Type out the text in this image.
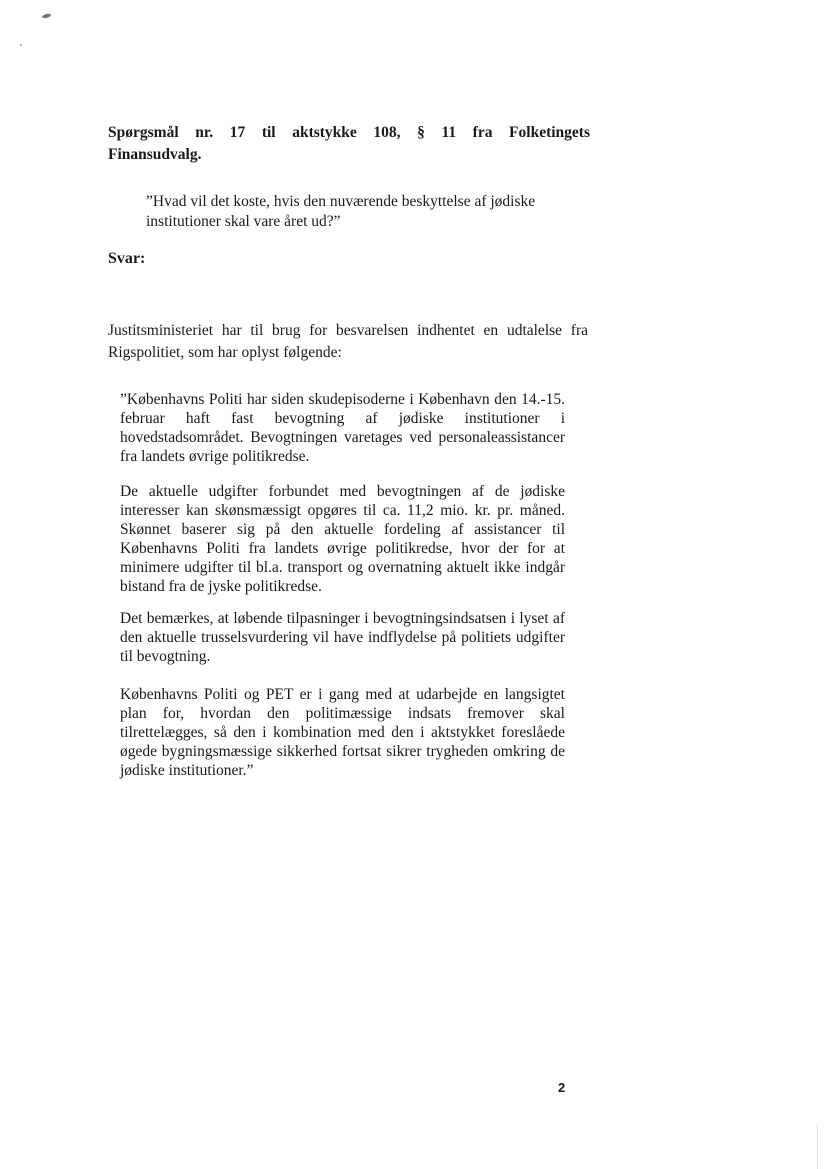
Spørgsmål nr. 17 til aktstykke 108, § 11 fra Folketingets
Finansudvalg.
”Hvad vil det koste, hvis den nuværende beskyttelse af jødiske institutioner skal vare året ud?”
Svar:
Justitsministeriet har til brug for besvarelsen indhentet en udtalelse fra
Rigspolitiet, som har oplyst følgende:
”Københavns Politi har siden skudepisoderne i København den 14.-15. februar haft fast bevogtning af jødiske institutioner i hovedstadsområdet. Bevogtningen varetages ved personaleassistancer fra landets øvrige politikredse.
De aktuelle udgifter forbundet med bevogtningen af de jødiske interesser kan skønsmæssigt opgøres til ca. 11,2 mio. kr. pr. måned. Skønnet baserer sig på den aktuelle fordeling af assistancer til Københavns Politi fra landets øvrige politikredse, hvor der for at minimere udgifter til bl.a. transport og overnatning aktuelt ikke indgår bistand fra de jyske politikredse.
Det bemærkes, at løbende tilpasninger i bevogtningsindsatsen i lyset af den aktuelle trusselsvurdering vil have indflydelse på politiets udgifter til bevogtning.
Københavns Politi og PET er i gang med at udarbejde en langsigtet plan for, hvordan den politimæssige indsats fremover skal tilrettelægges, så den i kombination med den i aktstykket foreslåede øgede bygningsmæssige sikkerhed fortsat sikrer trygheden omkring de jødiske institutioner.”
2
